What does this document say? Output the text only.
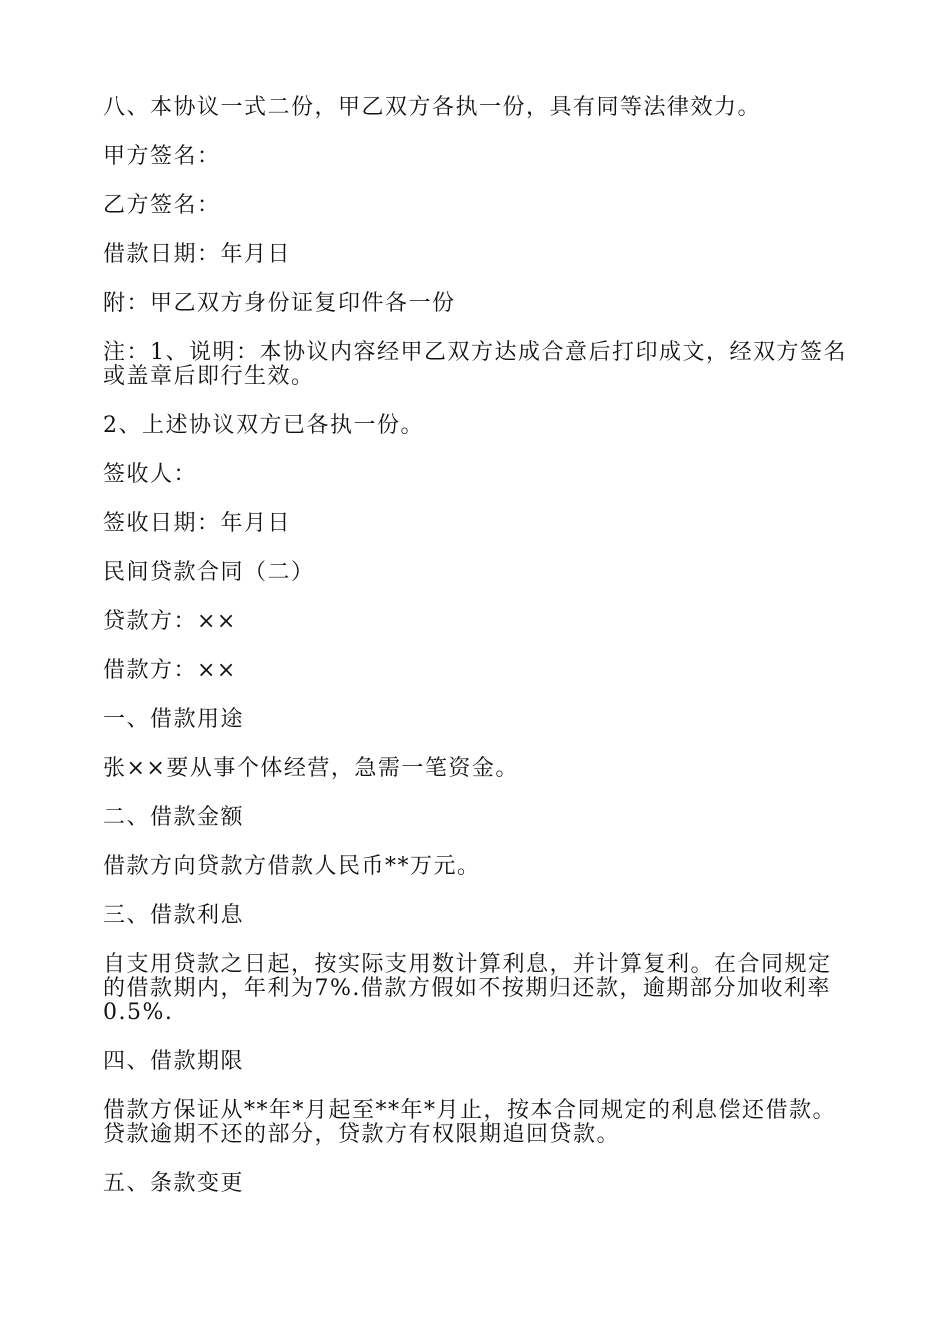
八、本协议一式二份，甲乙双方各执一份，具有同等法律效力。

甲方签名：

乙方签名：

借款日期：年月日

附：甲乙双方身份证复印件各一份

注：1、说明：本协议内容经甲乙双方达成合意后打印成文，经双方签名或盖章后即行生效。

2、上述协议双方已各执一份。

签收人：

签收日期：年月日

民间贷款合同（二）

贷款方：××

借款方：××

一、借款用途

张××要从事个体经营，急需一笔资金。

二、借款金额

借款方向贷款方借款人民币**万元。

三、借款利息

自支用贷款之日起，按实际支用数计算利息，并计算复利。在合同规定的借款期内，年利为7%.借款方假如不按期归还款，逾期部分加收利率0.5%.

四、借款期限

借款方保证从**年*月起至**年*月止，按本合同规定的利息偿还借款。贷款逾期不还的部分，贷款方有权限期追回贷款。

五、条款变更
